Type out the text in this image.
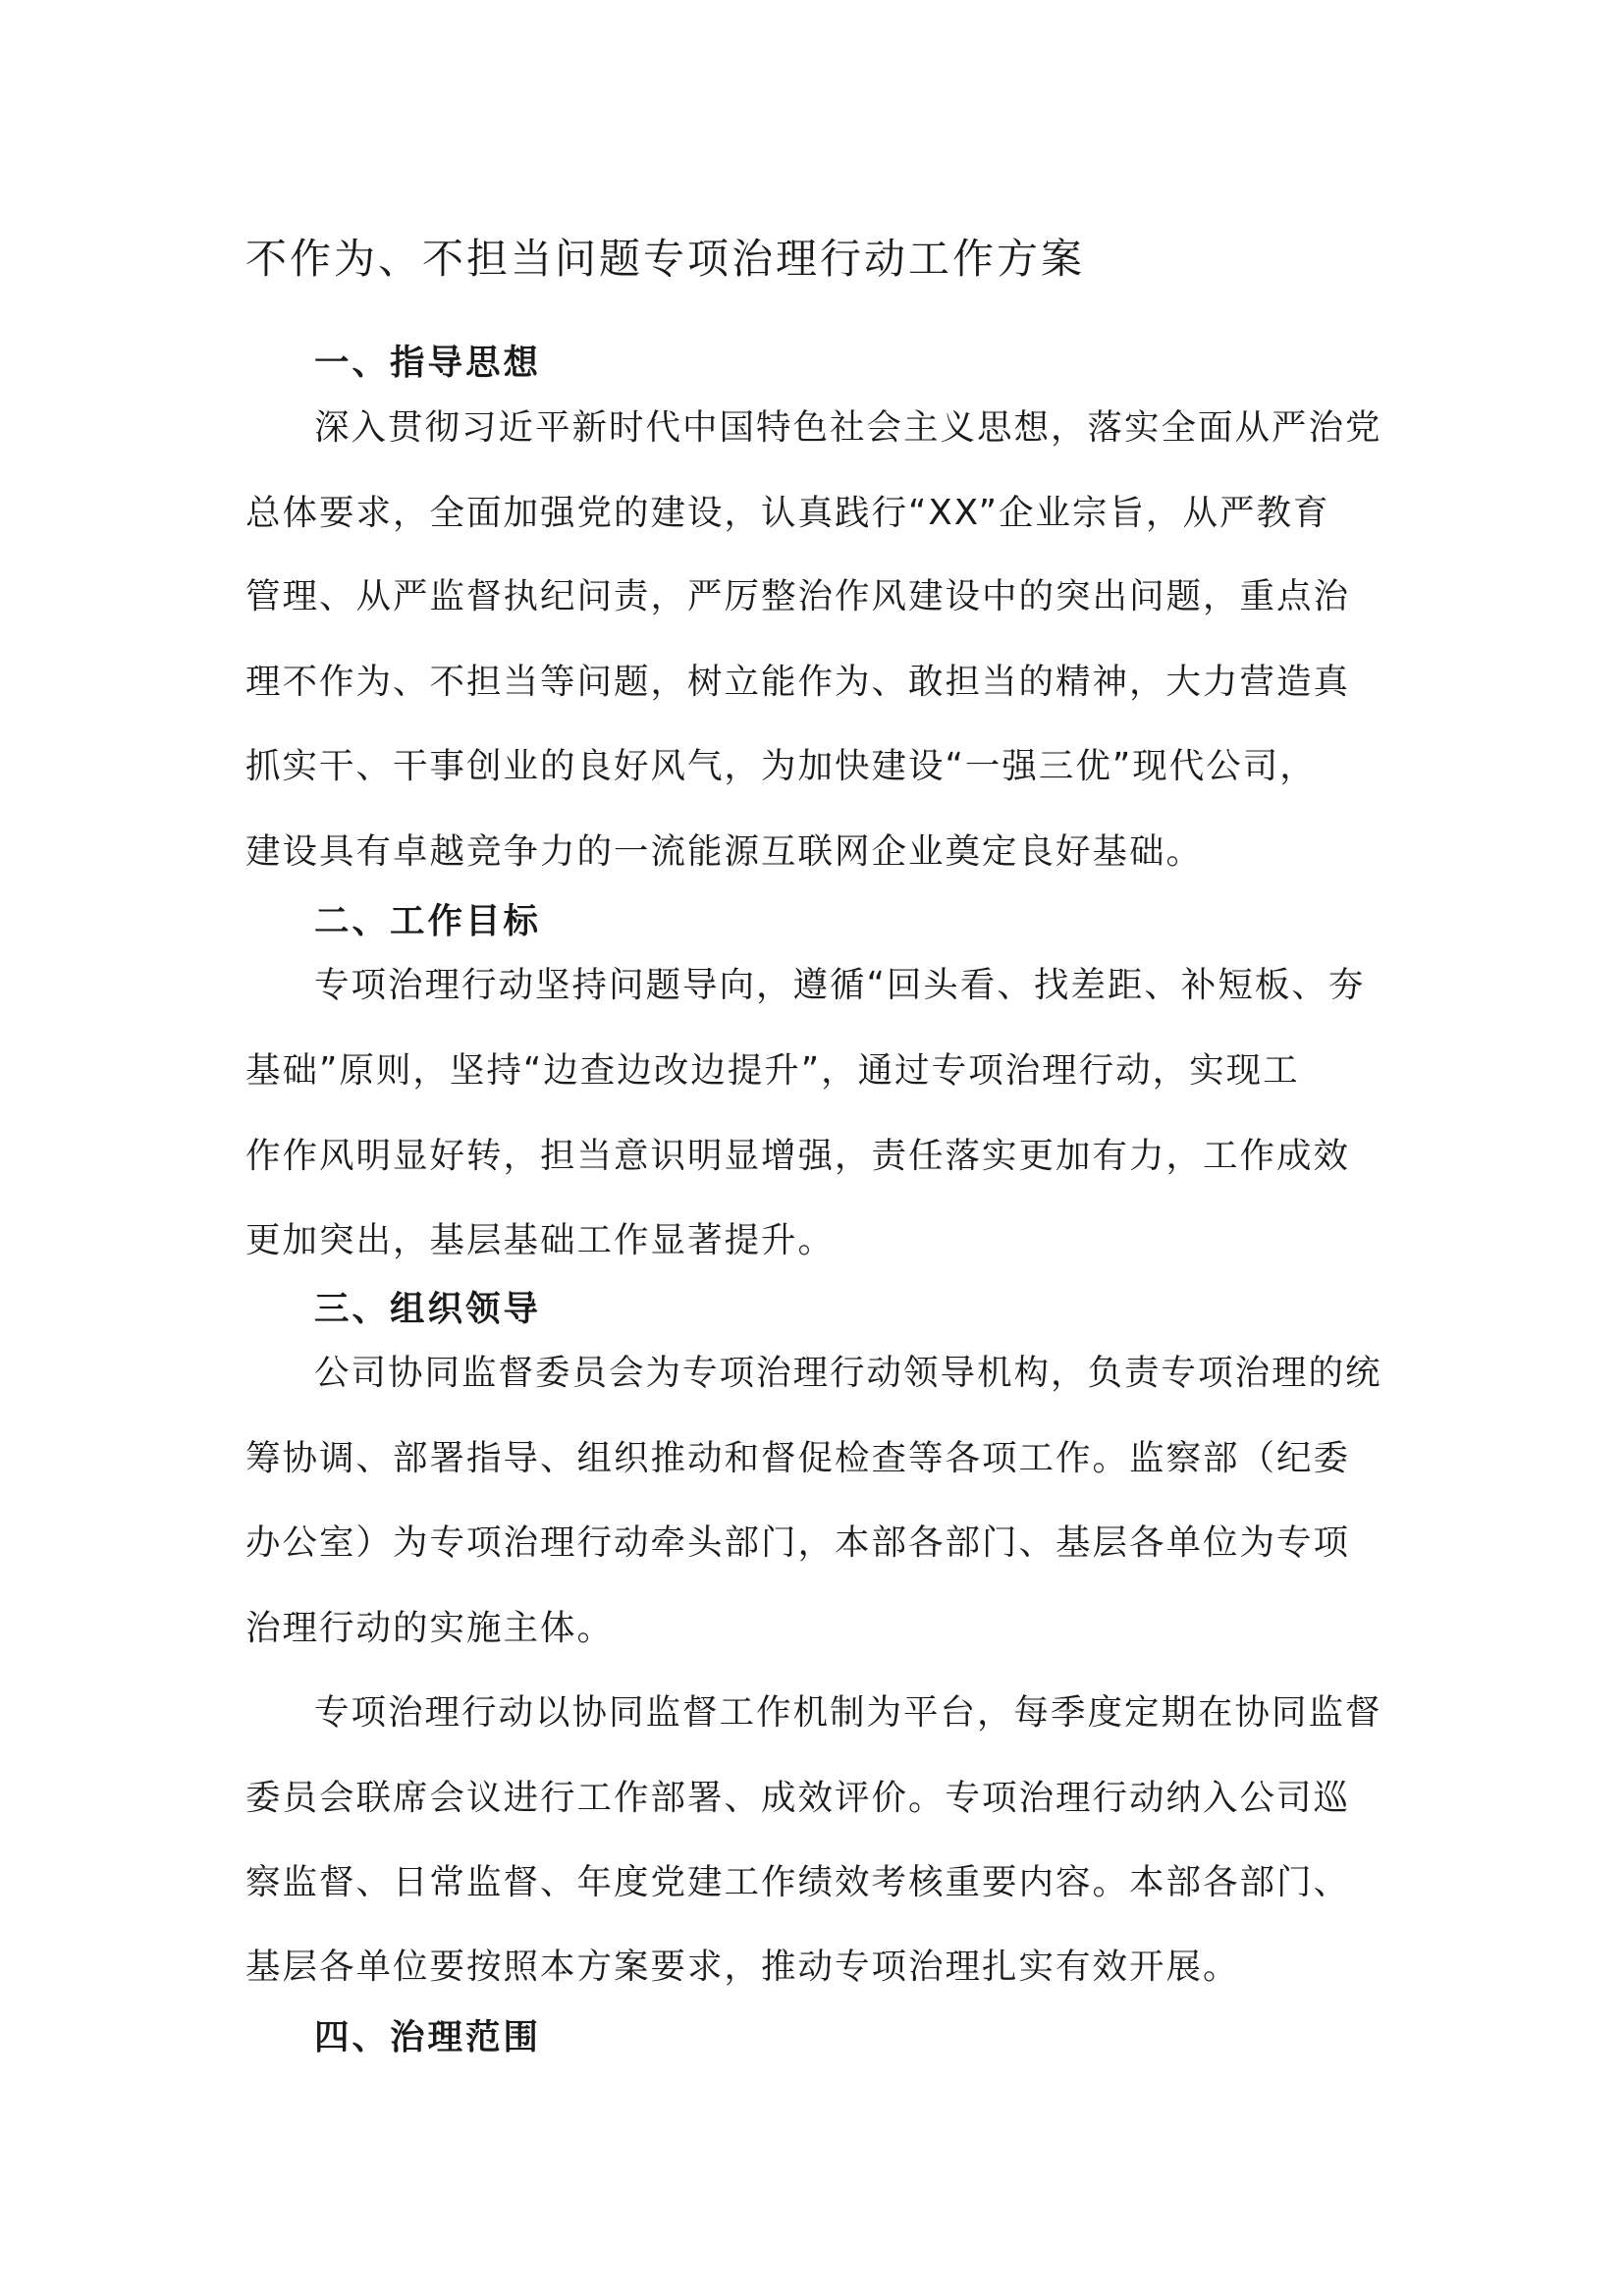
不作为、不担当问题专项治理行动工作方案
一、指导思想
深入贯彻习近平新时代中国特色社会主义思想，落实全面从严治党
总体要求，全面加强党的建设，认真践行“XX”企业宗旨，从严教育
管理、从严监督执纪问责，严厉整治作风建设中的突出问题，重点治
理不作为、不担当等问题，树立能作为、敢担当的精神，大力营造真
抓实干、干事创业的良好风气，为加快建设“一强三优”现代公司，
建设具有卓越竞争力的一流能源互联网企业奠定良好基础。
二、工作目标
专项治理行动坚持问题导向，遵循“回头看、找差距、补短板、夯
基础”原则，坚持“边查边改边提升”，通过专项治理行动，实现工
作作风明显好转，担当意识明显增强，责任落实更加有力，工作成效
更加突出，基层基础工作显著提升。
三、组织领导
公司协同监督委员会为专项治理行动领导机构，负责专项治理的统
筹协调、部署指导、组织推动和督促检查等各项工作。监察部（纪委
办公室）为专项治理行动牵头部门，本部各部门、基层各单位为专项
治理行动的实施主体。
专项治理行动以协同监督工作机制为平台，每季度定期在协同监督
委员会联席会议进行工作部署、成效评价。专项治理行动纳入公司巡
察监督、日常监督、年度党建工作绩效考核重要内容。本部各部门、
基层各单位要按照本方案要求，推动专项治理扎实有效开展。
四、治理范围
